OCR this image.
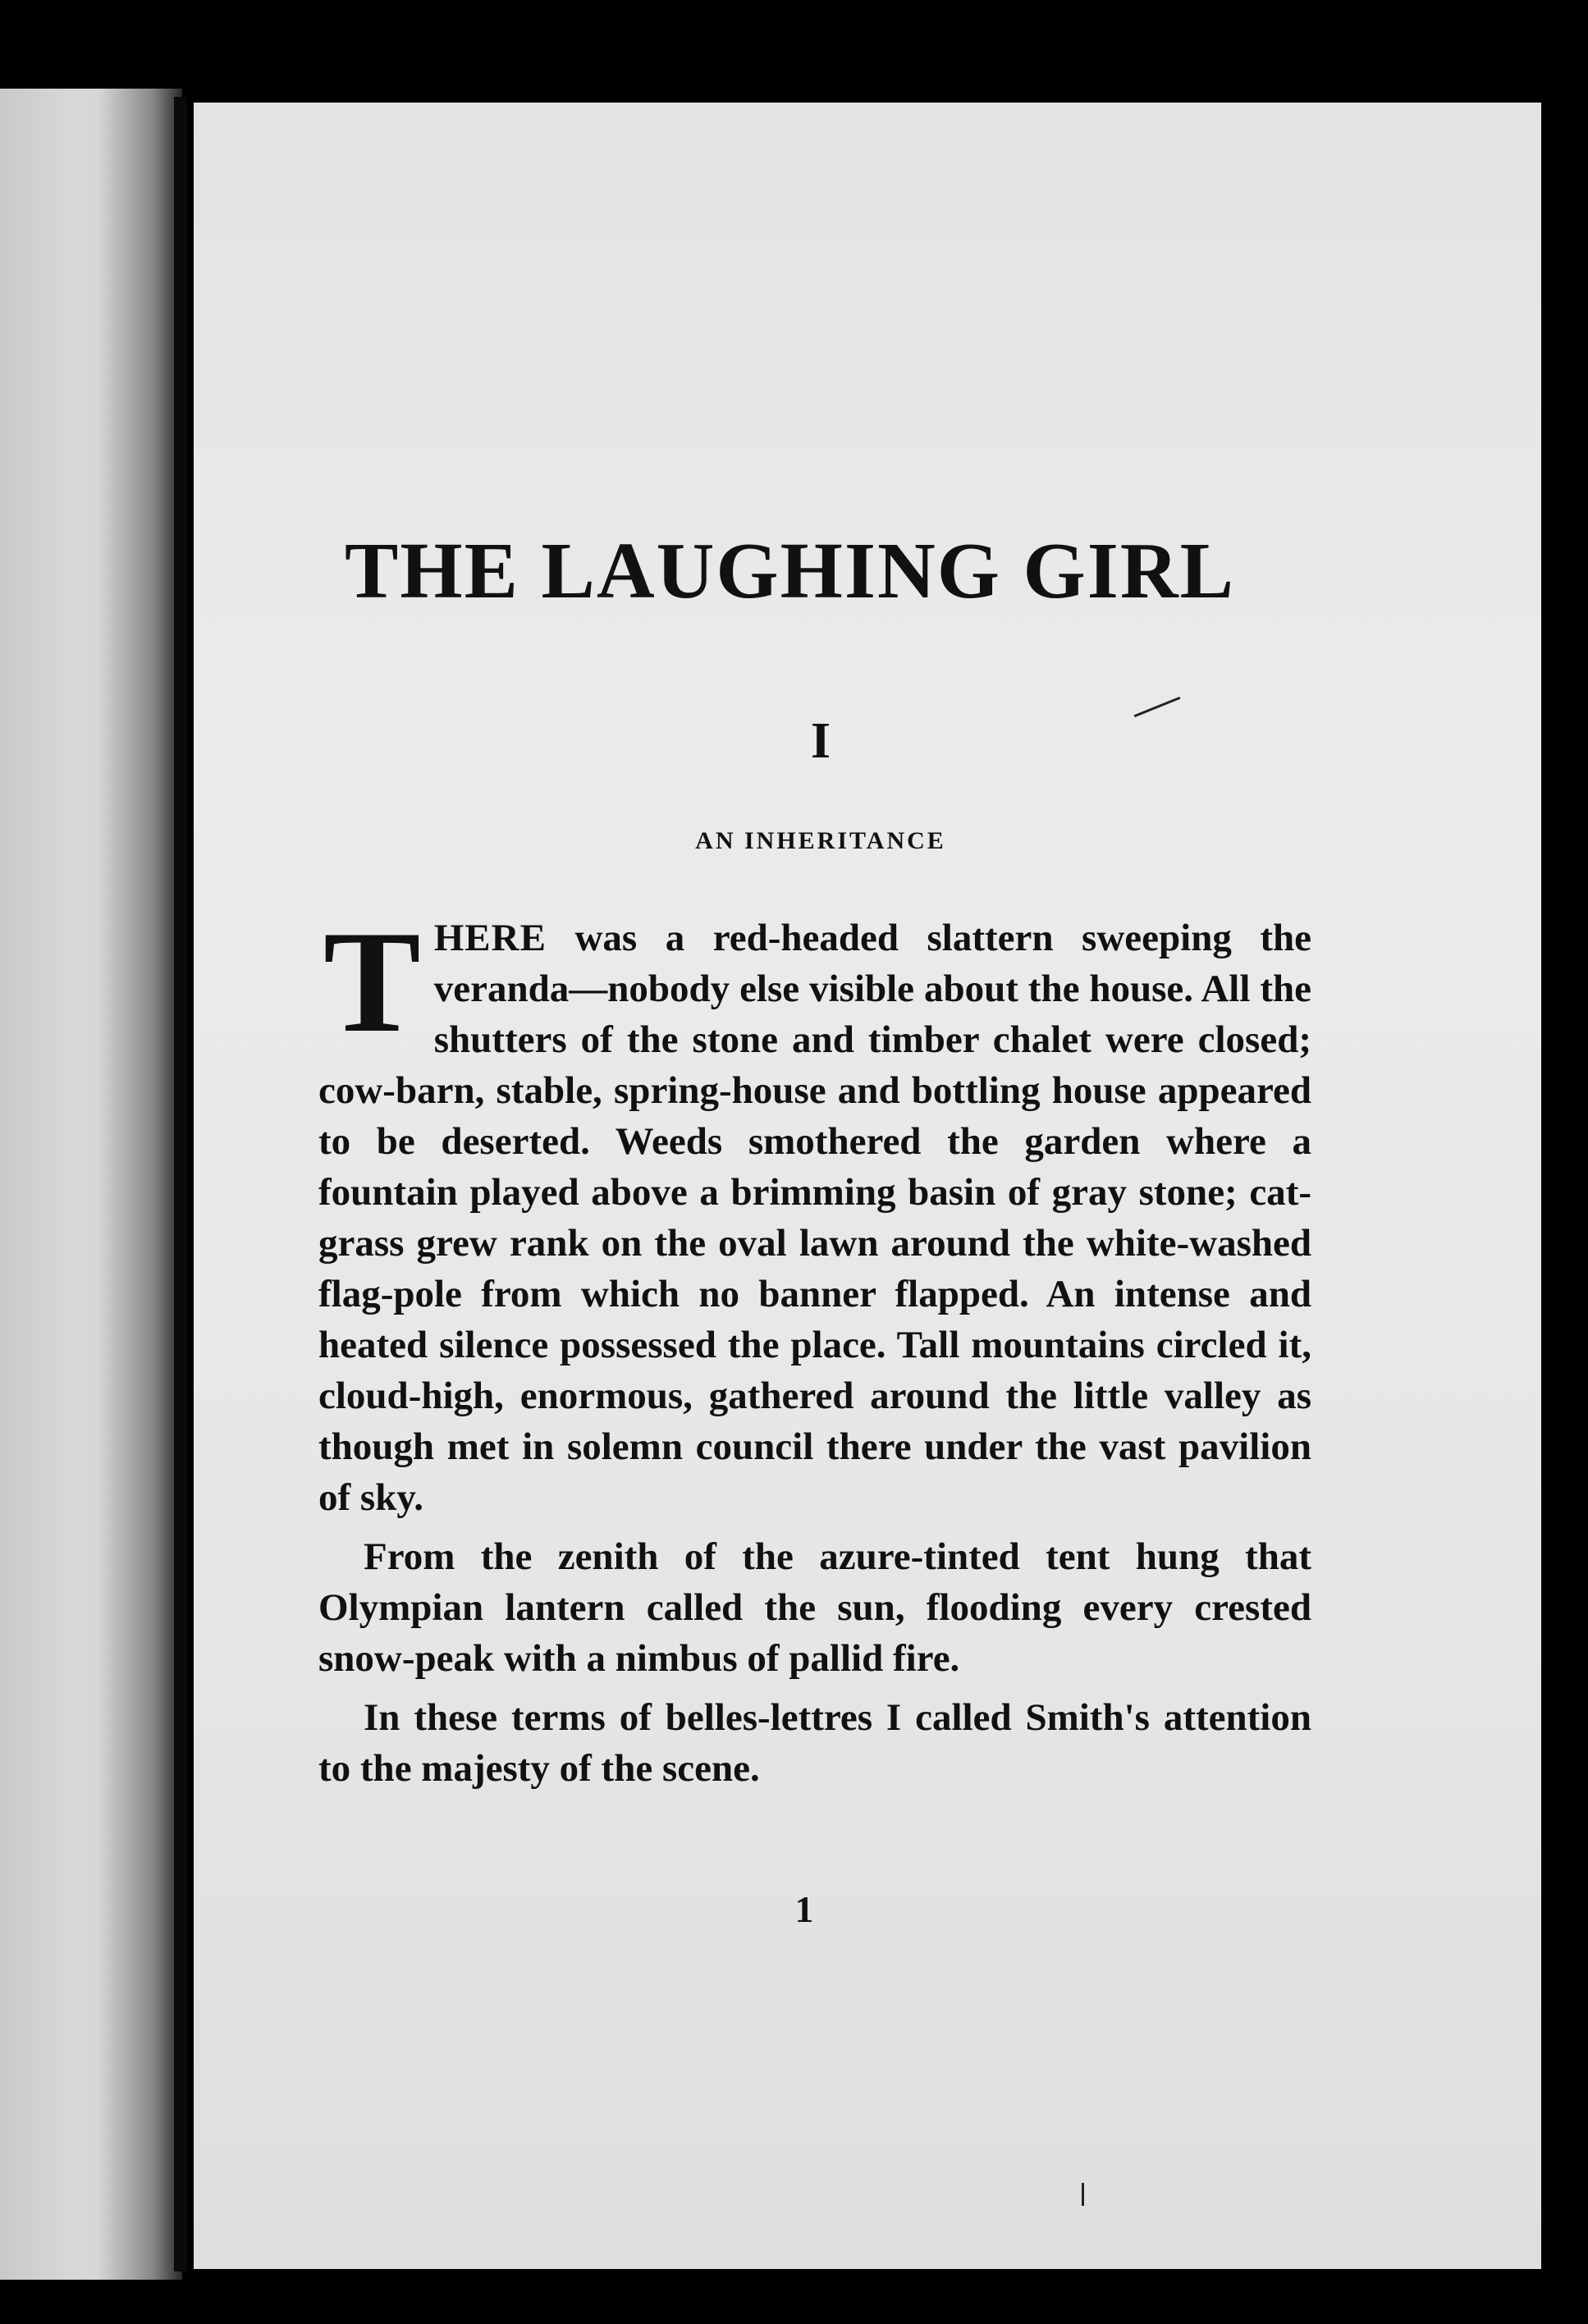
THE LAUGHING GIRL
I
AN INHERITANCE

THERE was a red-headed slattern sweeping the veranda—nobody else visible about the house. All the shutters of the stone and timber chalet were closed; cow-barn, stable, spring-house and bottling house appeared to be deserted. Weeds smothered the garden where a fountain played above a brimming basin of gray stone; cat-grass grew rank on the oval lawn around the white-washed flag-pole from which no banner flapped. An intense and heated silence possessed the place. Tall mountains circled it, cloud-high, enormous, gathered around the little valley as though met in solemn council there under the vast pavilion of sky.

From the zenith of the azure-tinted tent hung that Olympian lantern called the sun, flooding every crested snow-peak with a nimbus of pallid fire.

In these terms of belles-lettres I called Smith's attention to the majesty of the scene.

1
